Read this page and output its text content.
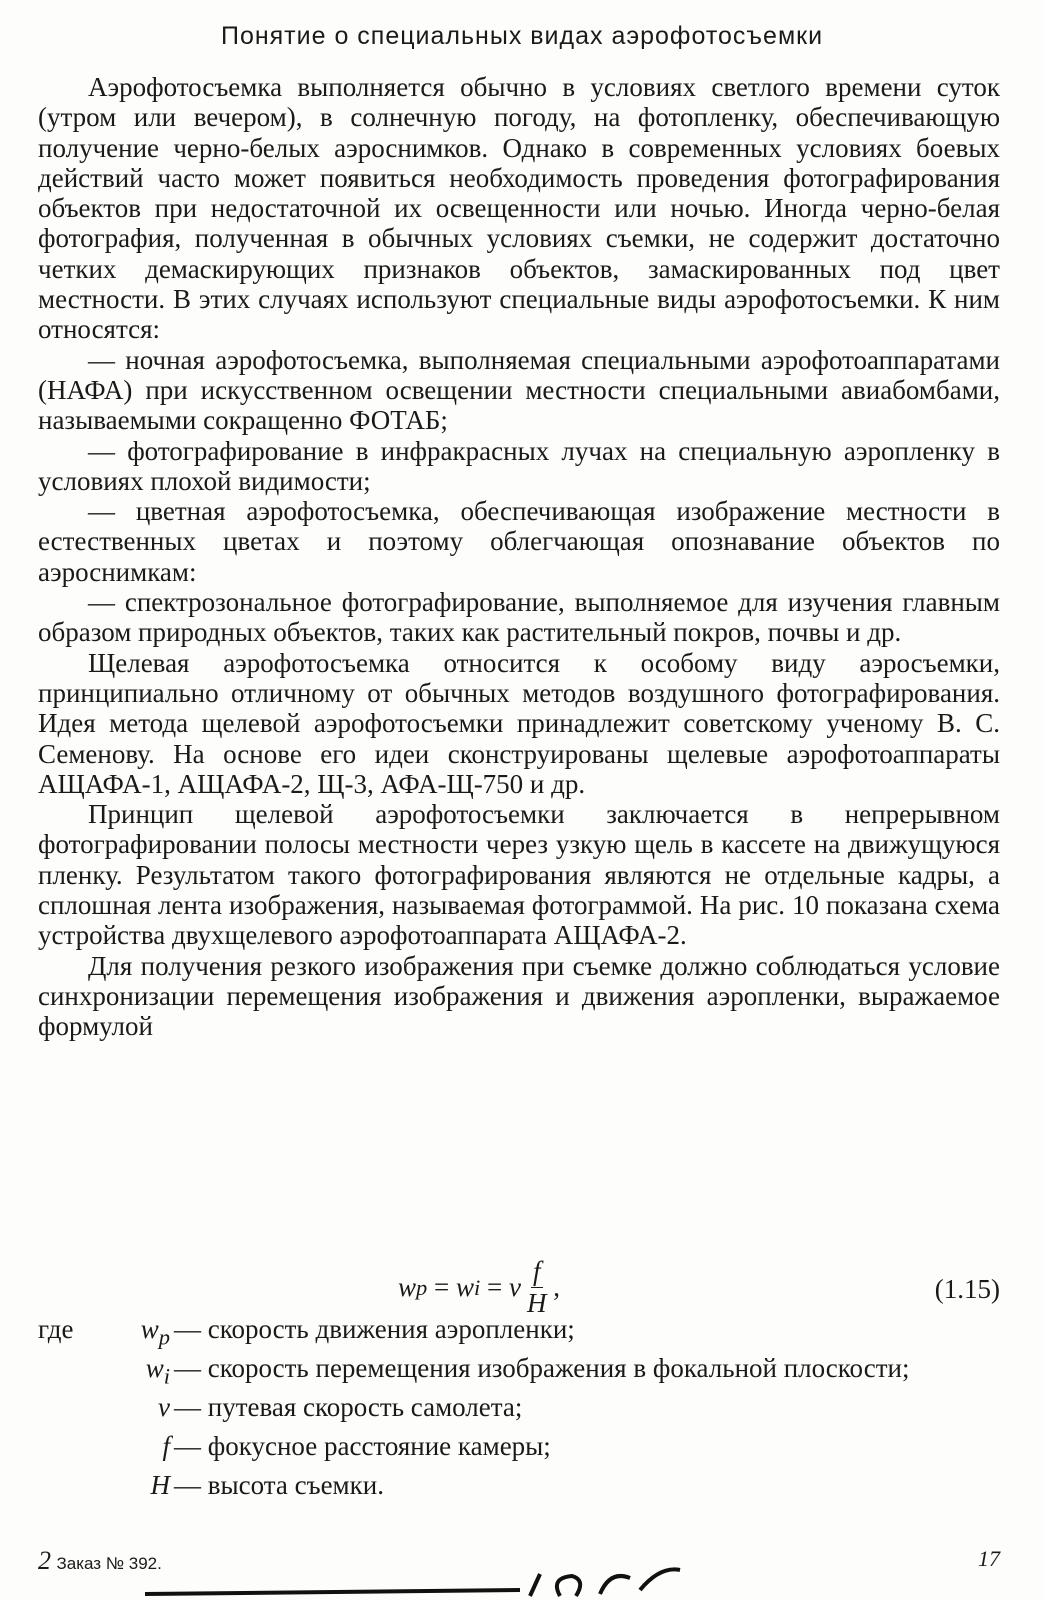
Понятие о специальных видах аэрофотосъемки

Аэрофотосъемка выполняется обычно в условиях светлого времени суток (утром или вечером), в солнечную погоду, на фотопленку, обеспечивающую получение черно-белых аэроснимков. Однако в современных условиях боевых действий часто может появиться необходимость проведения фотографирования объектов при недостаточной их освещенности или ночью. Иногда черно-белая фотография, полученная в обычных условиях съемки, не содержит достаточно четких демаскирующих признаков объектов, замаскированных под цвет местности. В этих случаях используют специальные виды аэрофотосъемки. К ним относятся:

— ночная аэрофотосъемка, выполняемая специальными аэрофотоаппаратами (НАФА) при искусственном освещении местности специальными авиабомбами, называемыми сокращенно ФОТАБ;

— фотографирование в инфракрасных лучах на специальную аэропленку в условиях плохой видимости;

— цветная аэрофотосъемка, обеспечивающая изображение местности в естественных цветах и поэтому облегчающая опознавание объектов по аэроснимкам:

— спектрозональное фотографирование, выполняемое для изучения главным образом природных объектов, таких как растительный покров, почвы и др.

Щелевая аэрофотосъемка относится к особому виду аэросъемки, принципиально отличному от обычных методов воздушного фотографирования. Идея метода щелевой аэрофотосъемки принадлежит советскому ученому В. С. Семенову. На основе его идеи сконструированы щелевые аэрофотоаппараты АЩАФА-1, АЩАФА-2, Щ-3, АФА-Щ-750 и др.

Принцип щелевой аэрофотосъемки заключается в непрерывном фотографировании полосы местности через узкую щель в кассете на движущуюся пленку. Результатом такого фотографирования являются не отдельные кадры, а сплошная лента изображения, называемая фотограммой. На рис. 10 показана схема устройства двухщелевого аэрофотоаппарата АЩАФА-2.

Для получения резкого изображения при съемке должно соблюдаться условие синхронизации перемещения изображения и движения аэропленки, выражаемое формулой

w p = w i = v $\frac{f}{H}$ ,	(1.15)
где	$w_p$ — скорость движения аэропленки;
$w_i$ — скорость перемещения изображения в фокальной плоскости;
v — путевая скорость самолета;
f — фокусное расстояние камеры;
H — высота съемки.
2 Заказ № 392.	17
